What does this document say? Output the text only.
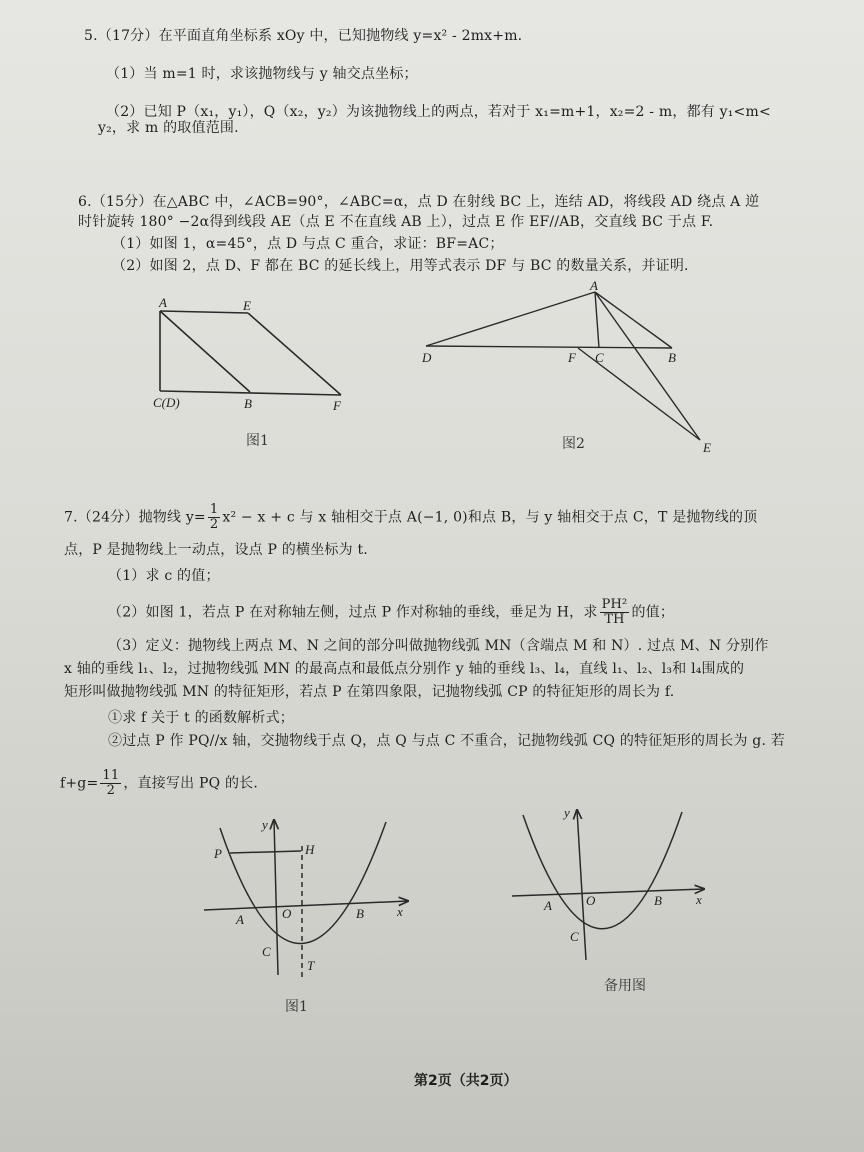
5.（17分）在平面直角坐标系 xOy 中，已知抛物线 y=x² - 2mx+m.
（1）当 m=1 时，求该抛物线与 y 轴交点坐标；
（2）已知 P（x₁，y₁），Q（x₂，y₂）为该抛物线上的两点，若对于 x₁=m+1，x₂=2 - m，都有 y₁<m<
y₂，求 m 的取值范围.
6.（15分）在△ABC 中，∠ACB=90°，∠ABC=α，点 D 在射线 BC 上，连结 AD，将线段 AD 绕点 A 逆
时针旋转 180° −2α得到线段 AE（点 E 不在直线 AB 上），过点 E 作 EF//AB，交直线 BC 于点 F.
（1）如图 1，α=45°，点 D 与点 C 重合，求证：BF=AC；
（2）如图 2，点 D、F 都在 BC 的延长线上，用等式表示 DF 与 BC 的数量关系，并证明.
A	E
C(D)	B	F
图1
A
D	F C	B
E
图2
7.（24分）抛物线 $y= \frac{1}{2} x^2 - x + c$ 与 x 轴相交于点 A(−1, 0)和点 B，与 y 轴相交于点 C，T 是抛物线的顶
点，P 是抛物线上一动点，设点 P 的横坐标为 t.
（1）求 c 的值；
（2）如图 1，若点 P 在对称轴左侧，过点 P 作对称轴的垂线，垂足为 H，求 $\frac{\text{PH²}}{TH}$ 的值；
（3）定义：抛物线上两点 M、N 之间的部分叫做抛物线弧 MN（含端点 M 和 N）. 过点 M、N 分别作
x 轴的垂线 l₁、l₂，过抛物线弧 MN 的最高点和最低点分别作 y 轴的垂线 l₃、l₄，直线 l₁、l₂、l₃和 l₄围成的
矩形叫做抛物线弧 MN 的特征矩形，若点 P 在第四象限，记抛物线弧 CP 的特征矩形的周长为 f.
①求 f 关于 t 的函数解析式；
②过点 P 作 PQ//x 轴，交抛物线于点 Q，点 Q 与点 C 不重合，记抛物线弧 CQ 的特征矩形的周长为 g. 若
$f+g= \frac{11}{2}$ ，直接写出 PQ 的长.
y
P	H
A	O	B	x
C
T
图1
y
A	O	B	x
C
备用图
第2页（共2页）
